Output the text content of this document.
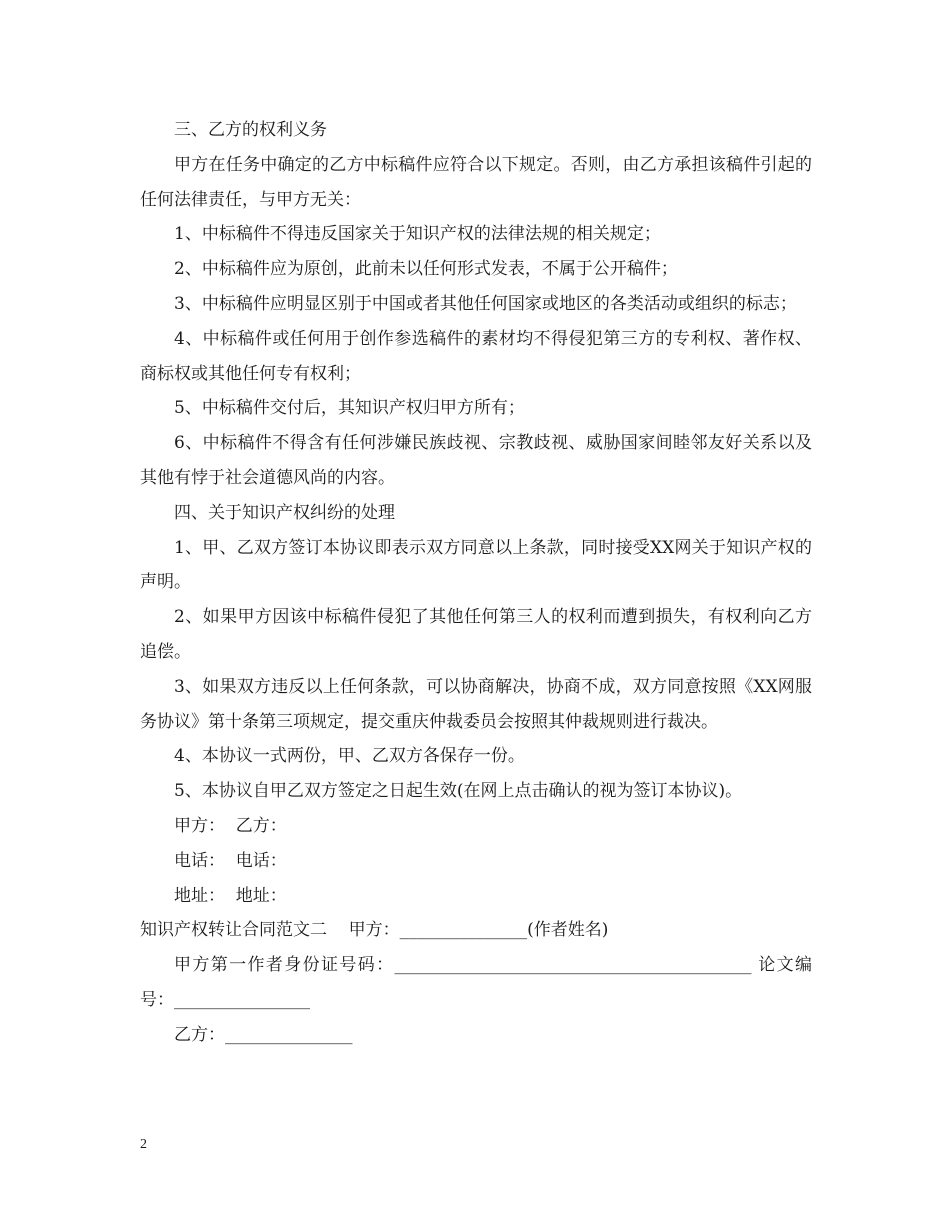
三、乙方的权利义务

甲方在任务中确定的乙方中标稿件应符合以下规定。否则，由乙方承担该稿件引起的任何法律责任，与甲方无关：

1、中标稿件不得违反国家关于知识产权的法律法规的相关规定；

2、中标稿件应为原创，此前未以任何形式发表，不属于公开稿件；

3、中标稿件应明显区别于中国或者其他任何国家或地区的各类活动或组织的标志；

4、中标稿件或任何用于创作参选稿件的素材均不得侵犯第三方的专利权、著作权、商标权或其他任何专有权利；

5、中标稿件交付后，其知识产权归甲方所有；

6、中标稿件不得含有任何涉嫌民族歧视、宗教歧视、威胁国家间睦邻友好关系以及其他有悖于社会道德风尚的内容。

四、关于知识产权纠纷的处理

1、甲、乙双方签订本协议即表示双方同意以上条款，同时接受XX网关于知识产权的声明。

2、如果甲方因该中标稿件侵犯了其他任何第三人的权利而遭到损失，有权利向乙方追偿。

3、如果双方违反以上任何条款，可以协商解决，协商不成，双方同意按照《XX网服务协议》第十条第三项规定，提交重庆仲裁委员会按照其仲裁规则进行裁决。

4、本协议一式两份，甲、乙双方各保存一份。

5、本协议自甲乙双方签定之日起生效(在网上点击确认的视为签订本协议)。

甲方：  乙方：

电话：  电话：

地址：  地址：

知识产权转让合同范文二    甲方：_______________(作者姓名)

甲方第一作者身份证号码：__________________________________________ 论文编号：________________

乙方：_______________

2
